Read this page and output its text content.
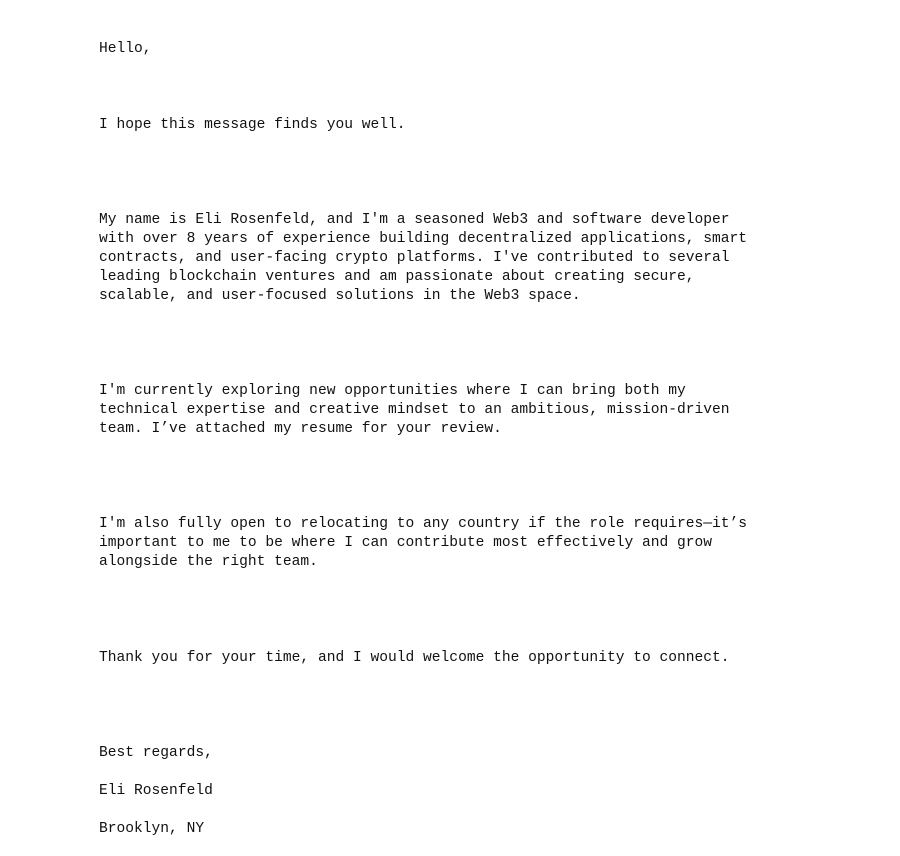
Hello,

I hope this message finds you well.

My name is Eli Rosenfeld, and I'm a seasoned Web3 and software developer
with over 8 years of experience building decentralized applications, smart
contracts, and user-facing crypto platforms. I've contributed to several
leading blockchain ventures and am passionate about creating secure,
scalable, and user-focused solutions in the Web3 space.
I'm currently exploring new opportunities where I can bring both my
technical expertise and creative mindset to an ambitious, mission-driven
team. I’ve attached my resume for your review.
I'm also fully open to relocating to any country if the role requires—it’s
important to me to be where I can contribute most effectively and grow
alongside the right team.

Thank you for your time, and I would welcome the opportunity to connect.

Best regards,

Eli Rosenfeld

Brooklyn, NY
